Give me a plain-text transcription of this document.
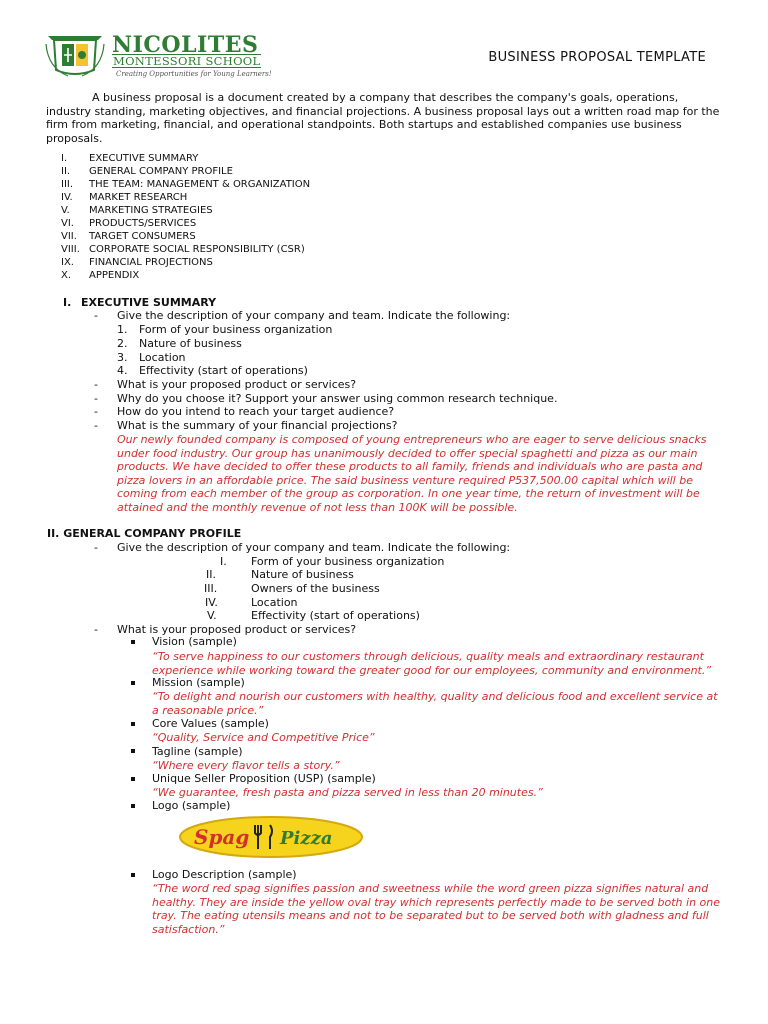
NICOLITES
MONTESSORI SCHOOL
Creating Opportunities for Young Learners!
BUSINESS PROPOSAL TEMPLATE
A business proposal is a document created by a company that describes the company's goals, operations, industry standing, marketing objectives, and financial projections. A business proposal lays out a written road map for the firm from marketing, financial, and operational standpoints. Both startups and established companies use business proposals.
I.	EXECUTIVE SUMMARY
II.	GENERAL COMPANY PROFILE
III.	THE TEAM: MANAGEMENT & ORGANIZATION
IV.	MARKET RESEARCH
V.	MARKETING STRATEGIES
VI.	PRODUCTS/SERVICES
VII.	TARGET CONSUMERS
VIII. CORPORATE SOCIAL RESPONSIBILITY (CSR)
IX.	FINANCIAL PROJECTIONS
X.	APPENDIX
I. EXECUTIVE SUMMARY
- Give the description of your company and team. Indicate the following:
1. Form of your business organization
2. Nature of business
3. Location
4. Effectivity (start of operations)
- What is your proposed product or services?
- Why do you choose it? Support your answer using common research technique.
- How do you intend to reach your target audience?
- What is the summary of your financial projections?
Our newly founded company is composed of young entrepreneurs who are eager to serve delicious snacks under food industry. Our group has unanimously decided to offer special spaghetti and pizza as our main products. We have decided to offer these products to all family, friends and individuals who are pasta and pizza lovers in an affordable price. The said business venture required P537,500.00 capital which will be coming from each member of the group as corporation. In one year time, the return of investment will be attained and the monthly revenue of not less than 100K will be possible.
II. GENERAL COMPANY PROFILE
- Give the description of your company and team. Indicate the following:
I. Form of your business organization
II.	Nature of business
III.	Owners of the business
IV.	Location
V.	Effectivity (start of operations)
- What is your proposed product or services?
Vision (sample)
“To serve happiness to our customers through delicious, quality meals and extraordinary restaurant experience while working toward the greater good for our employees, community and environment.”
Mission (sample)
“To delight and nourish our customers with healthy, quality and delicious food and excellent service at a reasonable price.”
Core Values (sample)
“Quality, Service and Competitive Price”
Tagline (sample)
“Where every flavor tells a story.”
Unique Seller Proposition (USP) (sample)
“We guarantee, fresh pasta and pizza served in less than 20 minutes.”
Logo (sample)
Spag Pizza
Logo Description (sample)
“The word red spag signifies passion and sweetness while the word green pizza signifies natural and healthy. They are inside the yellow oval tray which represents perfectly made to be served both in one tray. The eating utensils means and not to be separated but to be served both with gladness and full satisfaction.”
